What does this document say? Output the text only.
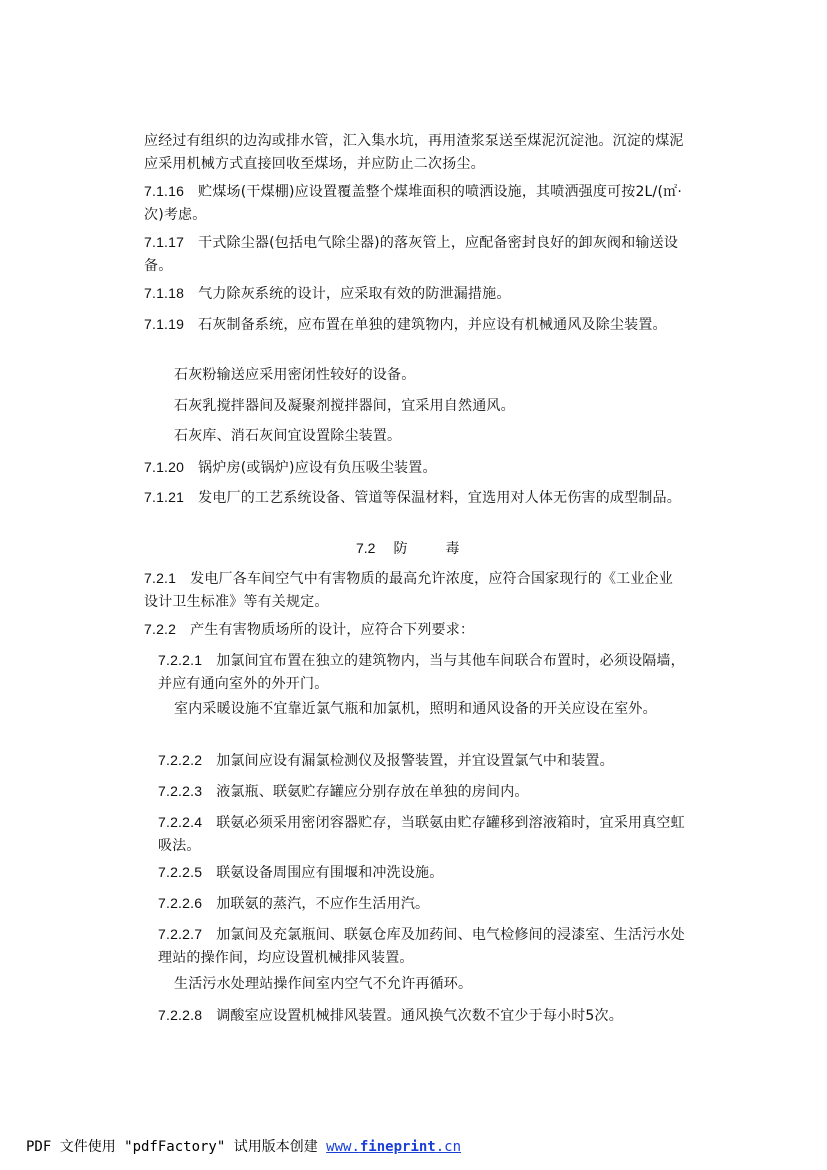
应经过有组织的边沟或排水管，汇入集水坑，再用渣浆泵送至煤泥沉淀池。沉淀的煤泥应采用机械方式直接回收至煤场，并应防止二次扬尘。
7.1.16 贮煤场(干煤棚)应设置覆盖整个煤堆面积的喷洒设施，其喷洒强度可按2L/(㎡·次)考虑。
7.1.17 干式除尘器(包括电气除尘器)的落灰管上，应配备密封良好的卸灰阀和输送设备。
7.1.18 气力除灰系统的设计，应采取有效的防泄漏措施。
7.1.19 石灰制备系统，应布置在单独的建筑物内，并应设有机械通风及除尘装置。
石灰粉输送应采用密闭性较好的设备。
石灰乳搅拌器间及凝聚剂搅拌器间，宜采用自然通风。
石灰库、消石灰间宜设置除尘装置。
7.1.20 锅炉房(或锅炉)应设有负压吸尘装置。
7.1.21 发电厂的工艺系统设备、管道等保温材料，宜选用对人体无伤害的成型制品。
7.2 防	毒
7.2.1 发电厂各车间空气中有害物质的最高允许浓度，应符合国家现行的《工业企业设计卫生标准》等有关规定。
7.2.2 产生有害物质场所的设计，应符合下列要求：
7.2.2.1 加氯间宜布置在独立的建筑物内，当与其他车间联合布置时，必须设隔墙，并应有通向室外的外开门。
室内采暖设施不宜靠近氯气瓶和加氯机，照明和通风设备的开关应设在室外。
7.2.2.2 加氯间应设有漏氯检测仪及报警装置，并宜设置氯气中和装置。
7.2.2.3 液氯瓶、联氨贮存罐应分别存放在单独的房间内。
7.2.2.4 联氨必须采用密闭容器贮存，当联氨由贮存罐移到溶液箱时，宜采用真空虹吸法。
7.2.2.5 联氨设备周围应有围堰和冲洗设施。
7.2.2.6 加联氨的蒸汽，不应作生活用汽。
7.2.2.7 加氯间及充氯瓶间、联氨仓库及加药间、电气检修间的浸漆室、生活污水处理站的操作间，均应设置机械排风装置。
生活污水处理站操作间室内空气不允许再循环。
7.2.2.8 调酸室应设置机械排风装置。通风换气次数不宜少于每小时5次。
PDF 文件使用 "pdfFactory" 试用版本创建 www.fineprint.cn
